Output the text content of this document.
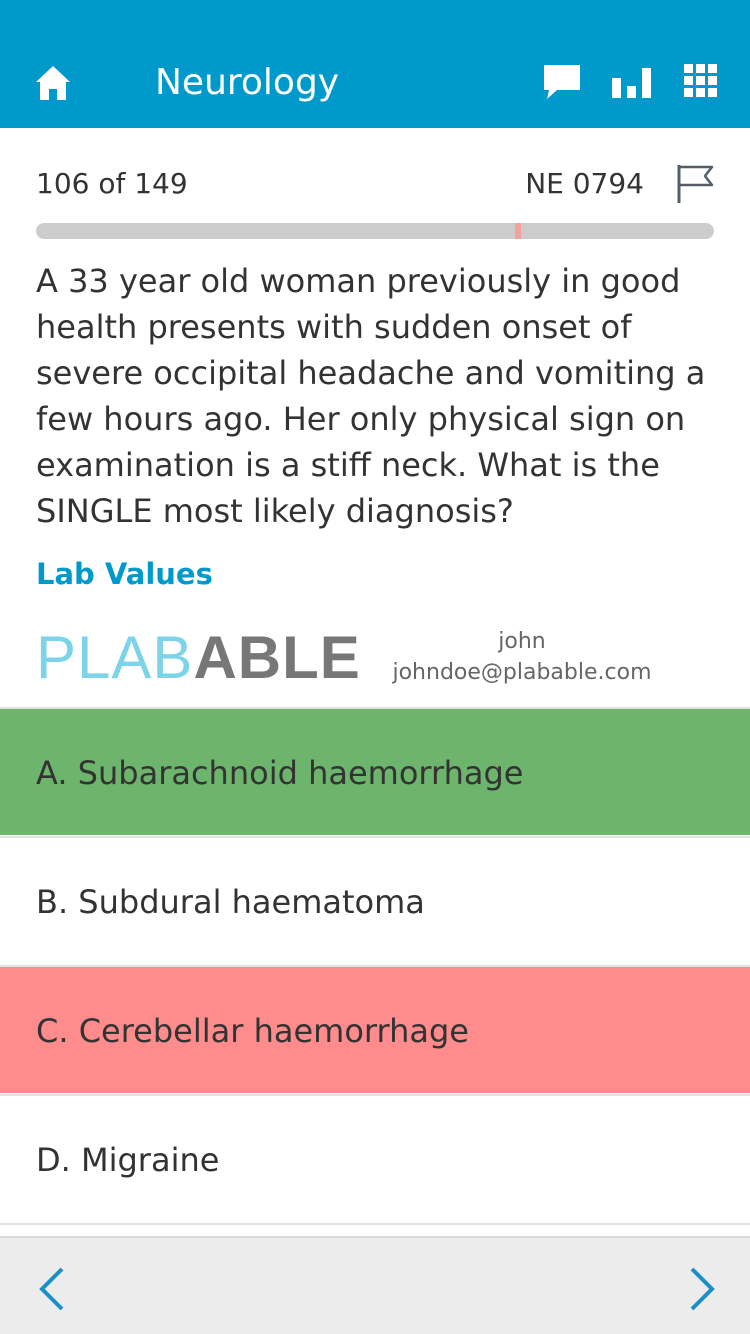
Neurology
106 of 149	NE 0794

A 33 year old woman previously in good health presents with sudden onset of severe occipital headache and vomiting a few hours ago. Her only physical sign on examination is a stiff neck. What is the SINGLE most likely diagnosis?

Lab Values
PLABABLE	john
johndoe@plabable.com
A. Subarachnoid haemorrhage
B. Subdural haematoma
C. Cerebellar haemorrhage
D. Migraine
